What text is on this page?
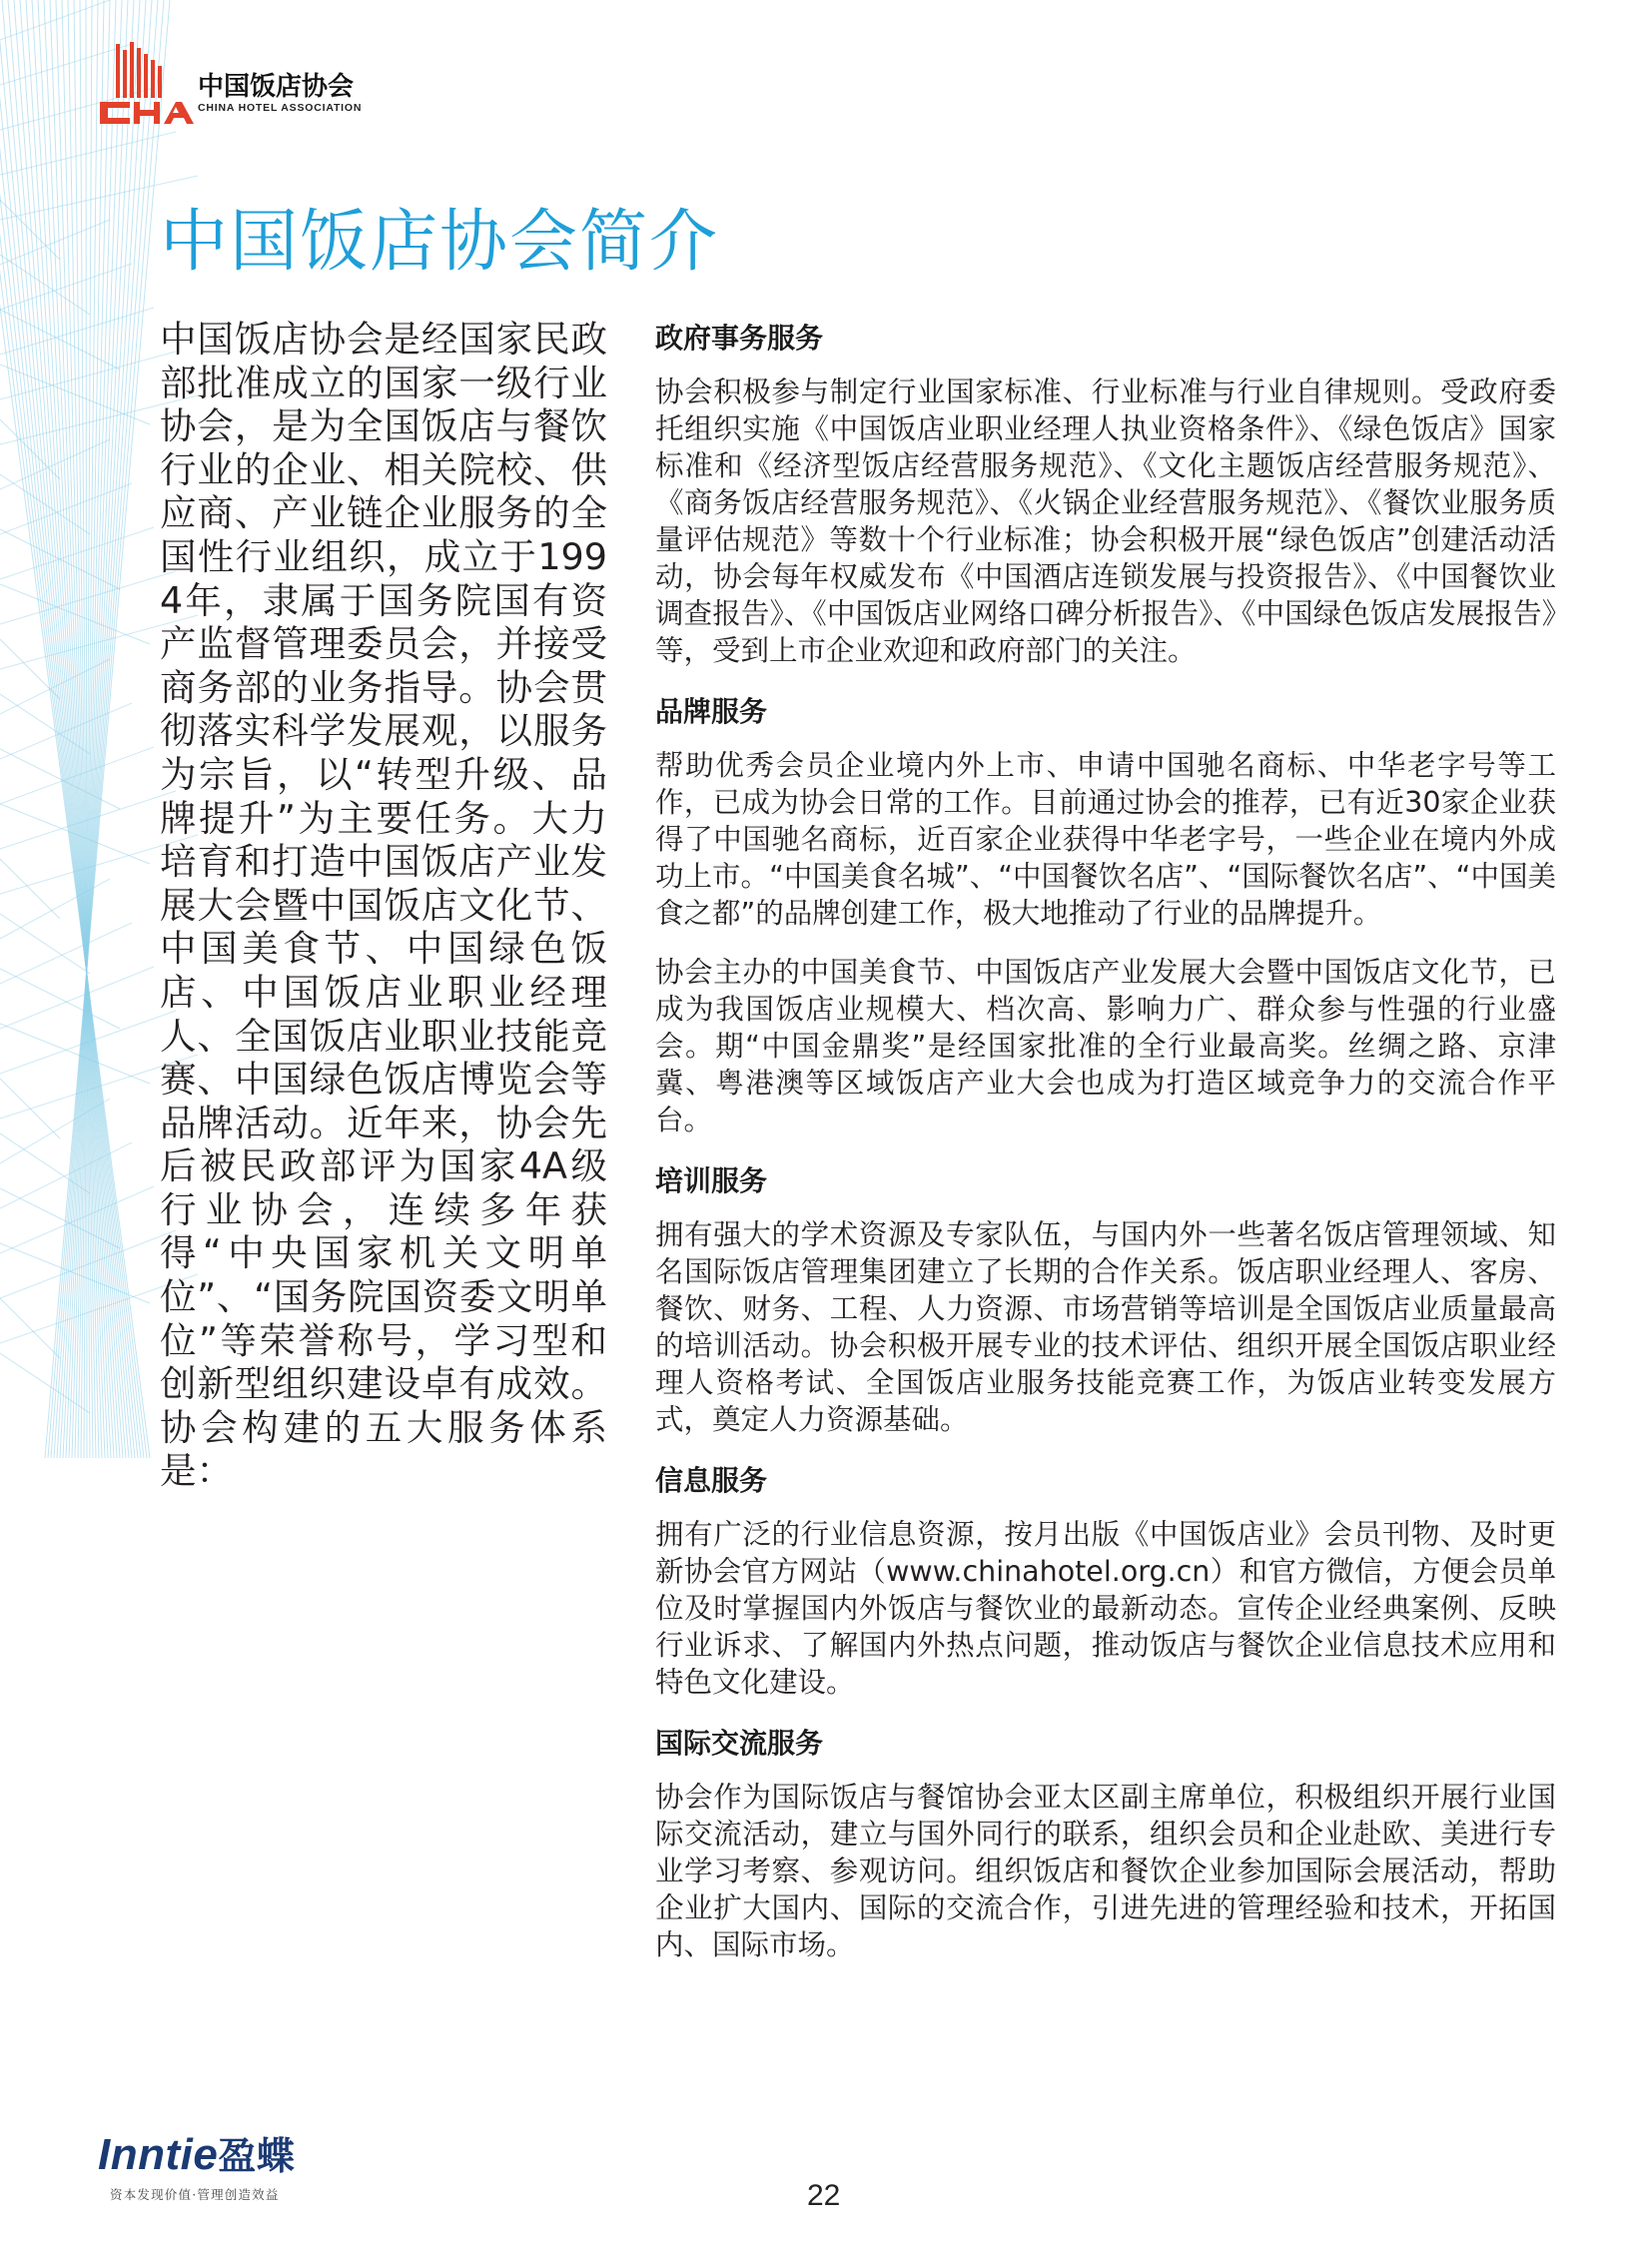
中国饭店协会
CHINA HOTEL ASSOCIATION
中国饭店协会简介

中国饭店协会是经国家民政部批准成立的国家一级行业协会，是为全国饭店与餐饮行业的企业、相关院校、供应商、产业链企业服务的全国性行业组织，成立于1994年，隶属于国务院国有资产监督管理委员会，并接受商务部的业务指导。协会贯彻落实科学发展观，以服务为宗旨，以“转型升级、品牌提升”为主要任务。大力培育和打造中国饭店产业发展大会暨中国饭店文化节、中国美食节、中国绿色饭店、中国饭店业职业经理人、全国饭店业职业技能竞赛、中国绿色饭店博览会等品牌活动。近年来，协会先后被民政部评为国家4A级行业协会，连续多年获得“中央国家机关文明单位”、“国务院国资委文明单位”等荣誉称号，学习型和创新型组织建设卓有成效。协会构建的五大服务体系是：

政府事务服务

协会积极参与制定行业国家标准、行业标准与行业自律规则。受政府委托组织实施《中国饭店业职业经理人执业资格条件》、《绿色饭店》国家标准和《经济型饭店经营服务规范》、《文化主题饭店经营服务规范》、《商务饭店经营服务规范》、《火锅企业经营服务规范》、《餐饮业服务质量评估规范》等数十个行业标准；协会积极开展“绿色饭店”创建活动活动，协会每年权威发布《中国酒店连锁发展与投资报告》、《中国餐饮业调查报告》、《中国饭店业网络口碑分析报告》、《中国绿色饭店发展报告》等，受到上市企业欢迎和政府部门的关注。

品牌服务

帮助优秀会员企业境内外上市、申请中国驰名商标、中华老字号等工作，已成为协会日常的工作。目前通过协会的推荐，已有近30家企业获得了中国驰名商标，近百家企业获得中华老字号，一些企业在境内外成功上市。“中国美食名城”、“中国餐饮名店”、“国际餐饮名店”、“中国美食之都”的品牌创建工作，极大地推动了行业的品牌提升。

协会主办的中国美食节、中国饭店产业发展大会暨中国饭店文化节，已成为我国饭店业规模大、档次高、影响力广、群众参与性强的行业盛会。期“中国金鼎奖”是经国家批准的全行业最高奖。丝绸之路、京津冀、粤港澳等区域饭店产业大会也成为打造区域竞争力的交流合作平台。

培训服务

拥有强大的学术资源及专家队伍，与国内外一些著名饭店管理领域、知名国际饭店管理集团建立了长期的合作关系。饭店职业经理人、客房、餐饮、财务、工程、人力资源、市场营销等培训是全国饭店业质量最高的培训活动。协会积极开展专业的技术评估、组织开展全国饭店职业经理人资格考试、全国饭店业服务技能竞赛工作，为饭店业转变发展方式，奠定人力资源基础。

信息服务

拥有广泛的行业信息资源，按月出版《中国饭店业》会员刊物、及时更新协会官方网站（www.chinahotel.org.cn）和官方微信，方便会员单位及时掌握国内外饭店与餐饮业的最新动态。宣传企业经典案例、反映行业诉求、了解国内外热点问题，推动饭店与餐饮企业信息技术应用和特色文化建设。

国际交流服务

协会作为国际饭店与餐馆协会亚太区副主席单位，积极组织开展行业国际交流活动，建立与国外同行的联系，组织会员和企业赴欧、美进行专业学习考察、参观访问。组织饭店和餐饮企业参加国际会展活动，帮助企业扩大国内、国际的交流合作，引进先进的管理经验和技术，开拓国内、国际市场。

Inntie盈蝶
资本发现价值·管理创造效益	22
